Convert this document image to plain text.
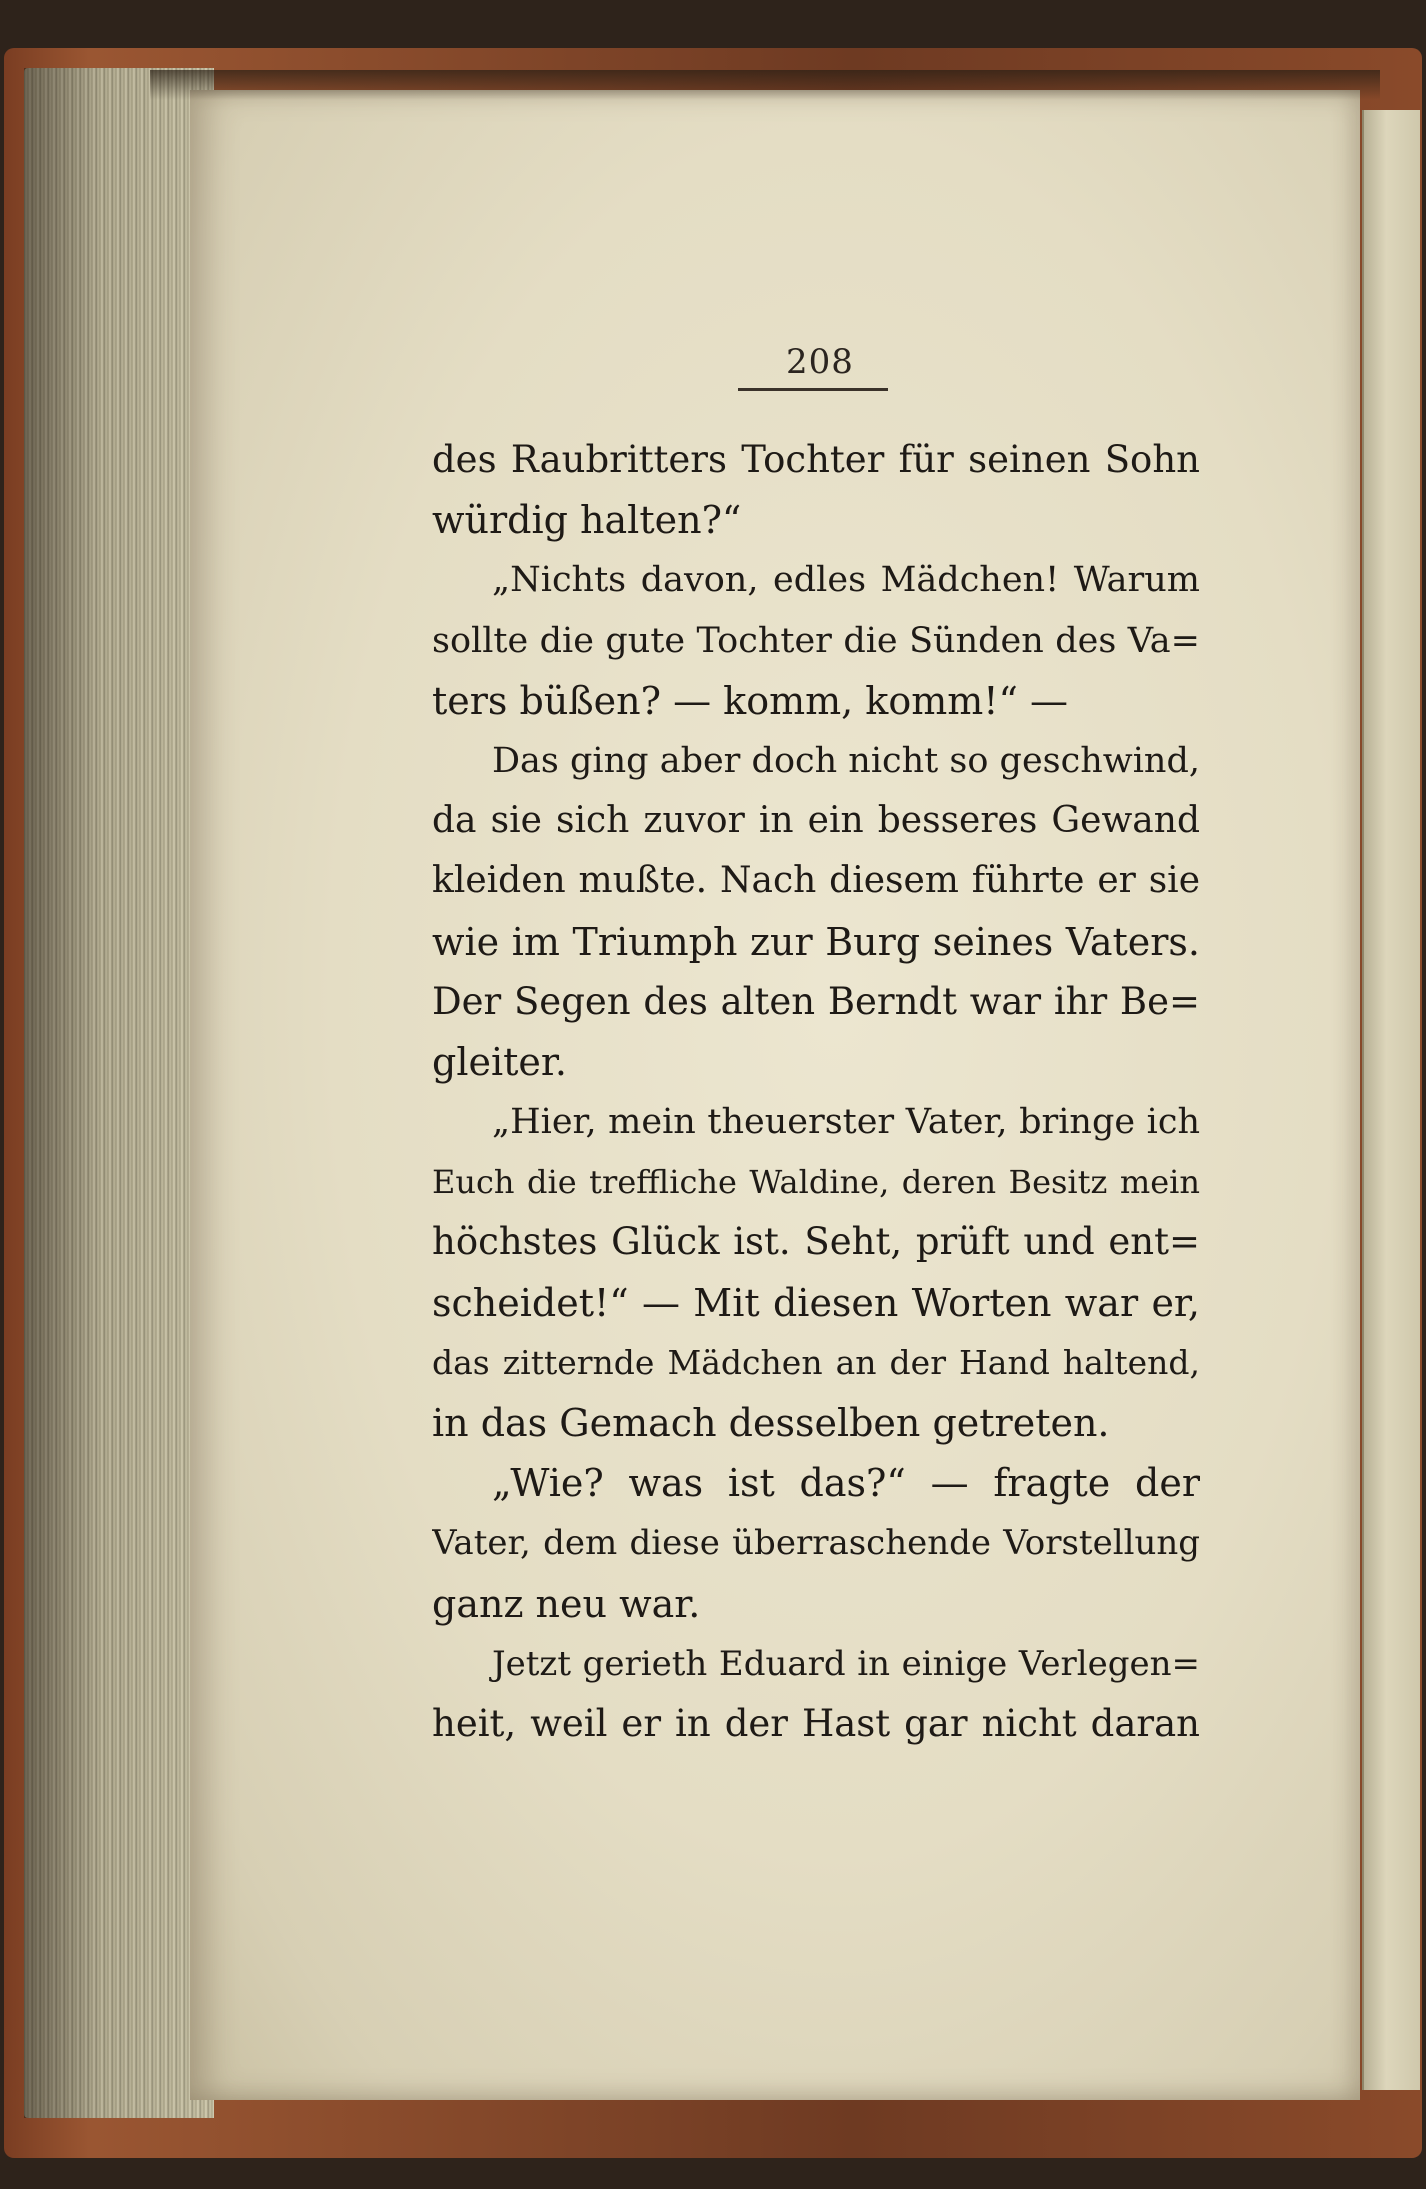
208
des Raubritters Tochter für seinen Sohn
würdig halten?“
„Nichts davon, edles Mädchen! Warum
sollte die gute Tochter die Sünden des Va=
ters büßen? — komm, komm!“ —
Das ging aber doch nicht so geschwind,
da sie sich zuvor in ein besseres Gewand
kleiden mußte. Nach diesem führte er sie
wie im Triumph zur Burg seines Vaters.
Der Segen des alten Berndt war ihr Be=
gleiter.
„Hier, mein theuerster Vater, bringe ich
Euch die treffliche Waldine, deren Besitz mein
höchstes Glück ist. Seht, prüft und ent=
scheidet!“ — Mit diesen Worten war er,
das zitternde Mädchen an der Hand haltend,
in das Gemach desselben getreten.
„Wie? was ist das?“ — fragte der
Vater, dem diese überraschende Vorstellung
ganz neu war.
Jetzt gerieth Eduard in einige Verlegen=
heit, weil er in der Hast gar nicht daran
